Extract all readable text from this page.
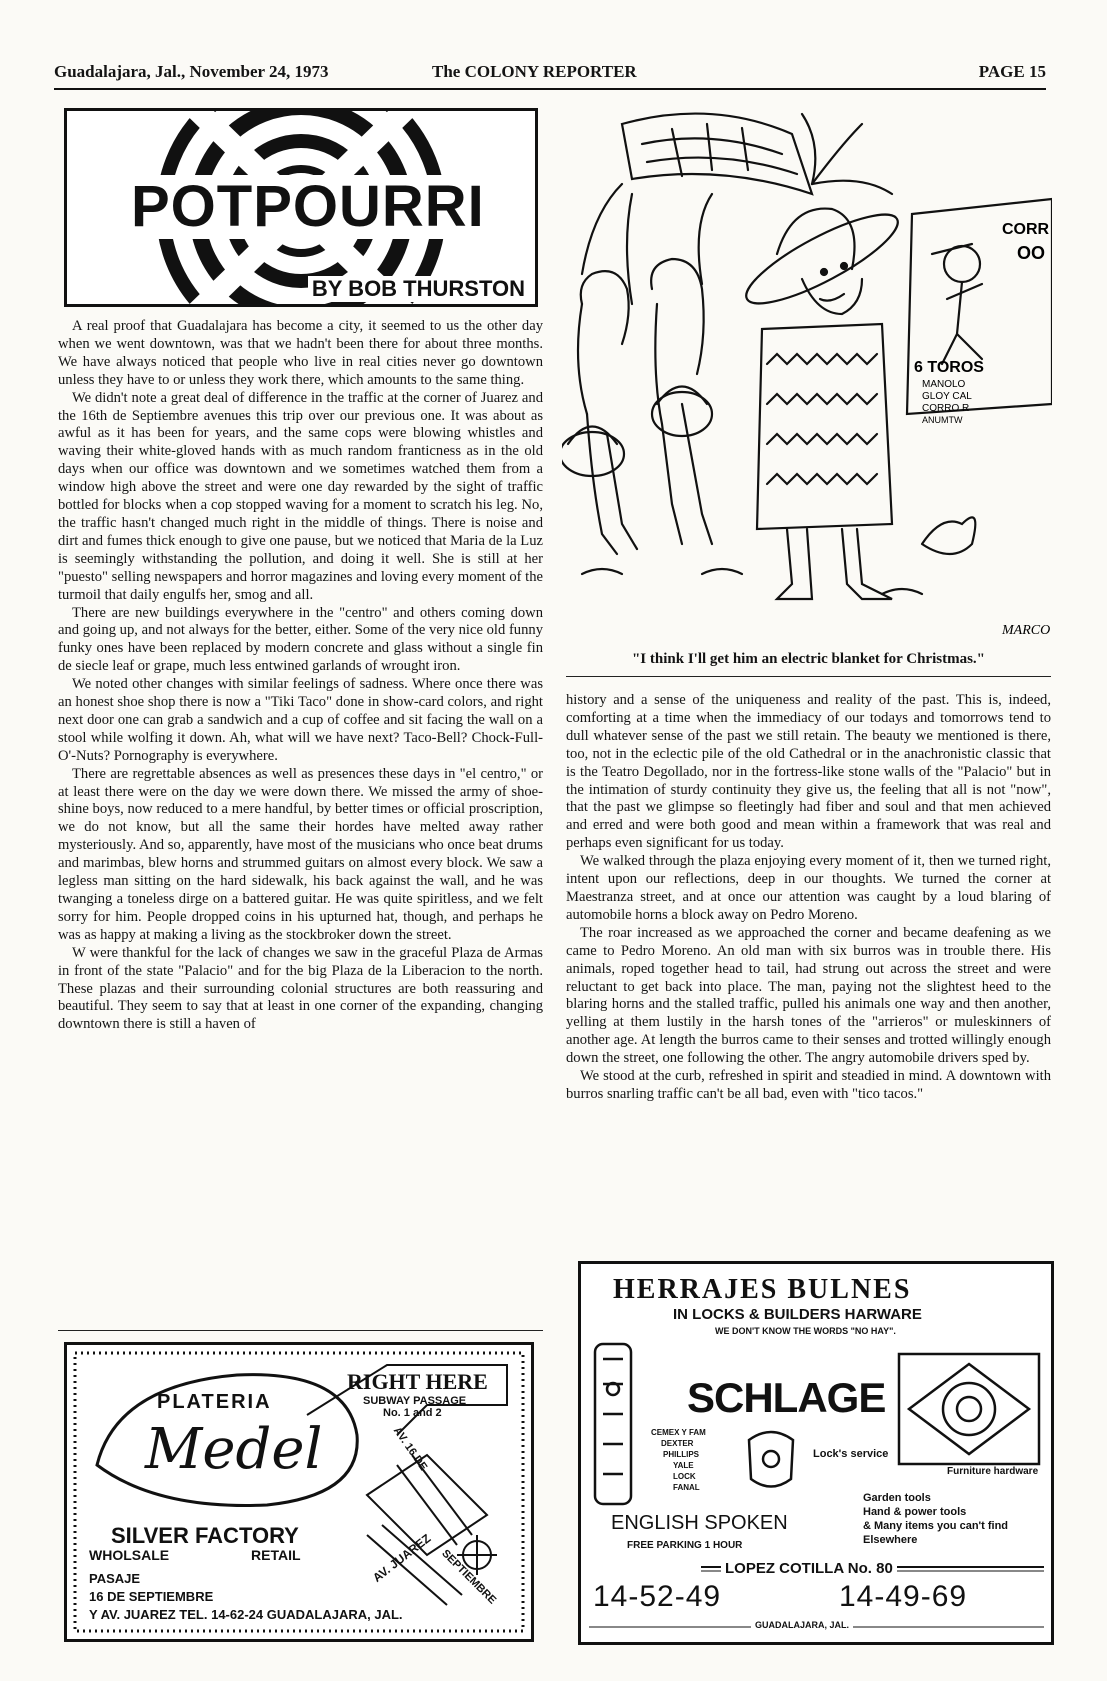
Guadalajara, Jal., November 24, 1973	The COLONY REPORTER	PAGE 15
POTPOURRI
BY BOB THURSTON

A real proof that Guadalajara has become a city, it seemed to us the other day when we went downtown, was that we hadn't been there for about three months. We have always noticed that people who live in real cities never go downtown unless they have to or unless they work there, which amounts to the same thing.

We didn't note a great deal of difference in the traffic at the corner of Juarez and the 16th de Septiembre avenues this trip over our previous one. It was about as awful as it has been for years, and the same cops were blowing whistles and waving their white-gloved hands with as much random franticness as in the old days when our office was downtown and we sometimes watched them from a window high above the street and were one day rewarded by the sight of traffic bottled for blocks when a cop stopped waving for a moment to scratch his leg. No, the traffic hasn't changed much right in the middle of things. There is noise and dirt and fumes thick enough to give one pause, but we noticed that Maria de la Luz is seemingly withstanding the pollution, and doing it well. She is still at her "puesto" selling newspapers and horror magazines and loving every moment of the turmoil that daily engulfs her, smog and all.

There are new buildings everywhere in the "centro" and others coming down and going up, and not always for the better, either. Some of the very nice old funny funky ones have been replaced by modern concrete and glass without a single fin de siecle leaf or grape, much less entwined garlands of wrought iron.

We noted other changes with similar feelings of sadness. Where once there was an honest shoe shop there is now a "Tiki Taco" done in show-card colors, and right next door one can grab a sandwich and a cup of coffee and sit facing the wall on a stool while wolfing it down. Ah, what will we have next? Taco-Bell? Chock-Full-O'-Nuts? Pornography is everywhere.

There are regrettable absences as well as presences these days in "el centro," or at least there were on the day we were down there. We missed the army of shoe-shine boys, now reduced to a mere handful, by better times or official proscription, we do not know, but all the same their hordes have melted away rather mysteriously. And so, apparently, have most of the musicians who once beat drums and marimbas, blew horns and strummed guitars on almost every block. We saw a legless man sitting on the hard sidewalk, his back against the wall, and he was twanging a toneless dirge on a battered guitar. He was quite spiritless, and we felt sorry for him. People dropped coins in his upturned hat, though, and perhaps he was as happy at making a living as the stockbroker down the street.

W were thankful for the lack of changes we saw in the graceful Plaza de Armas in front of the state "Palacio" and for the big Plaza de la Liberacion to the north. These plazas and their surrounding colonial structures are both reassuring and beautiful. They seem to say that at least in one corner of the expanding, changing downtown there is still a haven of

MARCO
CORR
OO
6 TOROS
MANOLO
GLOY CAL
CORRO R
ANUMTW
"I think I'll get him an electric blanket for Christmas."

history and a sense of the uniqueness and reality of the past. This is, indeed, comforting at a time when the immediacy of our todays and tomorrows tend to dull whatever sense of the past we still retain. The beauty we mentioned is there, too, not in the eclectic pile of the old Cathedral or in the anachronistic classic that is the Teatro Degollado, nor in the fortress-like stone walls of the "Palacio" but in the intimation of sturdy continuity they give us, the feeling that all is not "now", that the past we glimpse so fleetingly had fiber and soul and that men achieved and erred and were both good and mean within a framework that was real and perhaps even significant for us today.

We walked through the plaza enjoying every moment of it, then we turned right, intent upon our reflections, deep in our thoughts. We turned the corner at Maestranza street, and at once our attention was caught by a loud blaring of automobile horns a block away on Pedro Moreno.

The roar increased as we approached the corner and became deafening as we came to Pedro Moreno. An old man with six burros was in trouble there. His animals, roped together head to tail, had strung out across the street and were reluctant to get back into place. The man, paying not the slightest heed to the blaring horns and the stalled traffic, pulled his animals one way and then another, yelling at them lustily in the harsh tones of the "arrieros" or muleskinners of another age. At length the burros came to their senses and trotted willingly enough down the street, one following the other. The angry automobile drivers sped by.

We stood at the curb, refreshed in spirit and steadied in mind. A downtown with burros snarling traffic can't be all bad, even with "tico tacos."

PLATERIA
Medel
SILVER FACTORY
WHOLSALE	RETAIL
RIGHT HERE
SUBWAY PASSAGE
No. 1 and 2
AV. 16 DE
AV. JUAREZ SEPTIEMBRE
PASAJE
16 DE SEPTIEMBRE
Y AV. JUAREZ TEL. 14-62-24 GUADALAJARA, JAL.
HERRAJES BULNES
IN LOCKS & BUILDERS HARWARE
WE DON'T KNOW THE WORDS "NO HAY".
SCHLAGE
CEMEX Y FAM
DEXTER
PHILLIPS
YALE
LOCK
FANAL
Lock's service
Furniture hardware
Garden tools
Hand & power tools
& Many items you can't find
Elsewhere
ENGLISH SPOKEN
FREE PARKING 1 HOUR
LOPEZ COTILLA No. 80
14-52-49	14-49-69
GUADALAJARA, JAL.
